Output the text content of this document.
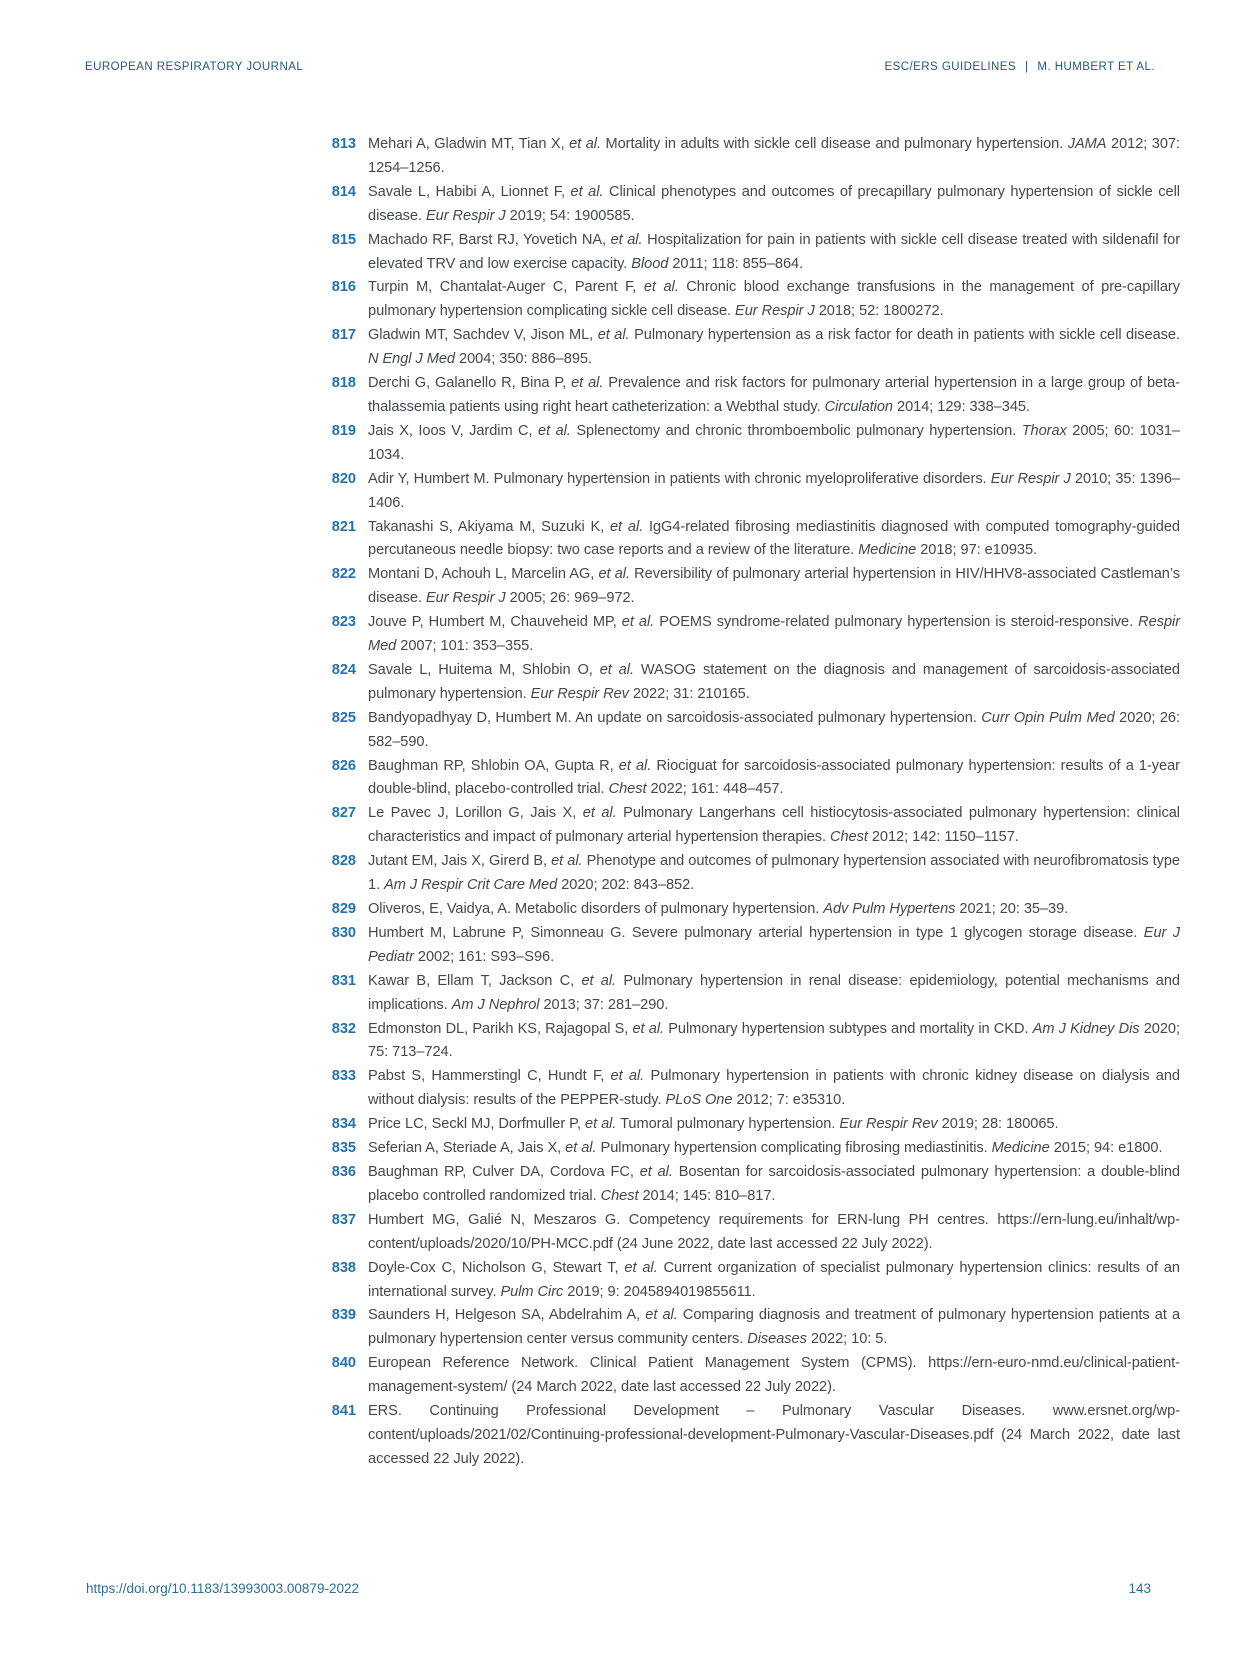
EUROPEAN RESPIRATORY JOURNAL	ESC/ERS GUIDELINES | M. HUMBERT ET AL.
813 Mehari A, Gladwin MT, Tian X, et al. Mortality in adults with sickle cell disease and pulmonary hypertension. JAMA 2012; 307: 1254–1256.
814 Savale L, Habibi A, Lionnet F, et al. Clinical phenotypes and outcomes of precapillary pulmonary hypertension of sickle cell disease. Eur Respir J 2019; 54: 1900585.
815 Machado RF, Barst RJ, Yovetich NA, et al. Hospitalization for pain in patients with sickle cell disease treated with sildenafil for elevated TRV and low exercise capacity. Blood 2011; 118: 855–864.
816 Turpin M, Chantalat-Auger C, Parent F, et al. Chronic blood exchange transfusions in the management of pre-capillary pulmonary hypertension complicating sickle cell disease. Eur Respir J 2018; 52: 1800272.
817 Gladwin MT, Sachdev V, Jison ML, et al. Pulmonary hypertension as a risk factor for death in patients with sickle cell disease. N Engl J Med 2004; 350: 886–895.
818 Derchi G, Galanello R, Bina P, et al. Prevalence and risk factors for pulmonary arterial hypertension in a large group of beta-thalassemia patients using right heart catheterization: a Webthal study. Circulation 2014; 129: 338–345.
819 Jais X, Ioos V, Jardim C, et al. Splenectomy and chronic thromboembolic pulmonary hypertension. Thorax 2005; 60: 1031–1034.
820 Adir Y, Humbert M. Pulmonary hypertension in patients with chronic myeloproliferative disorders. Eur Respir J 2010; 35: 1396–1406.
821 Takanashi S, Akiyama M, Suzuki K, et al. IgG4-related fibrosing mediastinitis diagnosed with computed tomography-guided percutaneous needle biopsy: two case reports and a review of the literature. Medicine 2018; 97: e10935.
822 Montani D, Achouh L, Marcelin AG, et al. Reversibility of pulmonary arterial hypertension in HIV/HHV8-associated Castleman’s disease. Eur Respir J 2005; 26: 969–972.
823 Jouve P, Humbert M, Chauveheid MP, et al. POEMS syndrome-related pulmonary hypertension is steroid-responsive. Respir Med 2007; 101: 353–355.
824 Savale L, Huitema M, Shlobin O, et al. WASOG statement on the diagnosis and management of sarcoidosis-associated pulmonary hypertension. Eur Respir Rev 2022; 31: 210165.
825 Bandyopadhyay D, Humbert M. An update on sarcoidosis-associated pulmonary hypertension. Curr Opin Pulm Med 2020; 26: 582–590.
826 Baughman RP, Shlobin OA, Gupta R, et al. Riociguat for sarcoidosis-associated pulmonary hypertension: results of a 1-year double-blind, placebo-controlled trial. Chest 2022; 161: 448–457.
827 Le Pavec J, Lorillon G, Jais X, et al. Pulmonary Langerhans cell histiocytosis-associated pulmonary hypertension: clinical characteristics and impact of pulmonary arterial hypertension therapies. Chest 2012; 142: 1150–1157.
828 Jutant EM, Jais X, Girerd B, et al. Phenotype and outcomes of pulmonary hypertension associated with neurofibromatosis type 1. Am J Respir Crit Care Med 2020; 202: 843–852.
829 Oliveros, E, Vaidya, A. Metabolic disorders of pulmonary hypertension. Adv Pulm Hypertens 2021; 20: 35–39.
830 Humbert M, Labrune P, Simonneau G. Severe pulmonary arterial hypertension in type 1 glycogen storage disease. Eur J Pediatr 2002; 161: S93–S96.
831 Kawar B, Ellam T, Jackson C, et al. Pulmonary hypertension in renal disease: epidemiology, potential mechanisms and implications. Am J Nephrol 2013; 37: 281–290.
832 Edmonston DL, Parikh KS, Rajagopal S, et al. Pulmonary hypertension subtypes and mortality in CKD. Am J Kidney Dis 2020; 75: 713–724.
833 Pabst S, Hammerstingl C, Hundt F, et al. Pulmonary hypertension in patients with chronic kidney disease on dialysis and without dialysis: results of the PEPPER-study. PLoS One 2012; 7: e35310.
834 Price LC, Seckl MJ, Dorfmuller P, et al. Tumoral pulmonary hypertension. Eur Respir Rev 2019; 28: 180065.
835 Seferian A, Steriade A, Jais X, et al. Pulmonary hypertension complicating fibrosing mediastinitis. Medicine 2015; 94: e1800.
836 Baughman RP, Culver DA, Cordova FC, et al. Bosentan for sarcoidosis-associated pulmonary hypertension: a double-blind placebo controlled randomized trial. Chest 2014; 145: 810–817.
837 Humbert MG, Galié N, Meszaros G. Competency requirements for ERN-lung PH centres. https://ern-lung.eu/inhalt/wp-content/uploads/2020/10/PH-MCC.pdf (24 June 2022, date last accessed 22 July 2022).
838 Doyle-Cox C, Nicholson G, Stewart T, et al. Current organization of specialist pulmonary hypertension clinics: results of an international survey. Pulm Circ 2019; 9: 2045894019855611.
839 Saunders H, Helgeson SA, Abdelrahim A, et al. Comparing diagnosis and treatment of pulmonary hypertension patients at a pulmonary hypertension center versus community centers. Diseases 2022; 10: 5.
840 European Reference Network. Clinical Patient Management System (CPMS). https://ern-euro-nmd.eu/clinical-patient-management-system/ (24 March 2022, date last accessed 22 July 2022).
841 ERS. Continuing Professional Development – Pulmonary Vascular Diseases. www.ersnet.org/wp-content/uploads/2021/02/Continuing-professional-development-Pulmonary-Vascular-Diseases.pdf (24 March 2022, date last accessed 22 July 2022).
https://doi.org/10.1183/13993003.00879-2022	143
